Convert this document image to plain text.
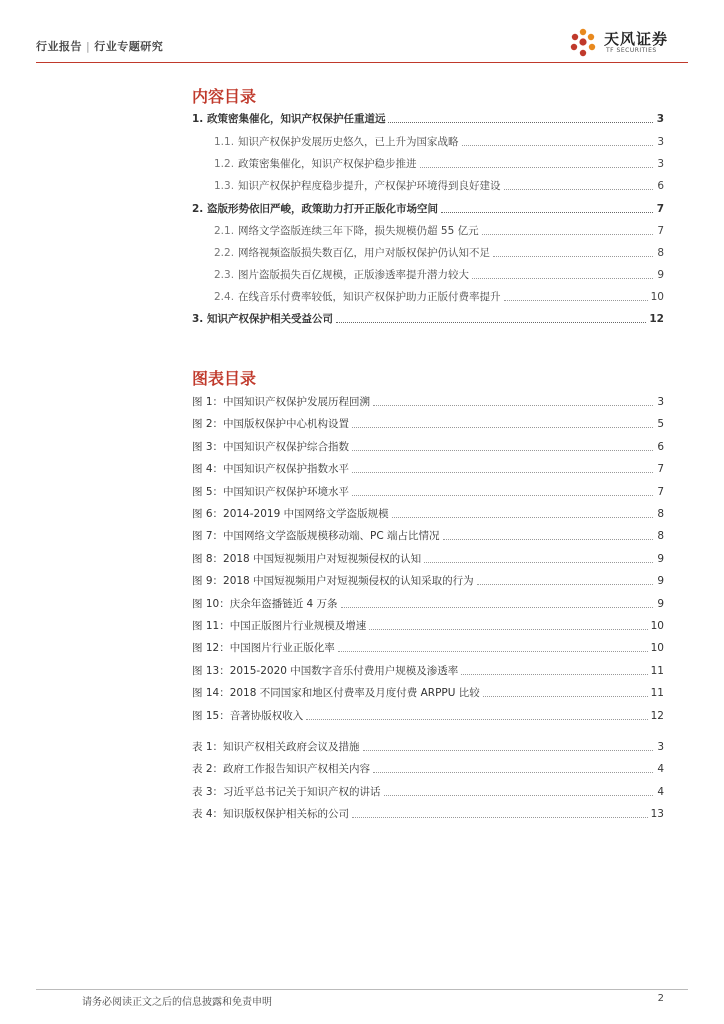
行业报告 | 行业专题研究	天风证券
TF SECURITIES
内容目录
1. 政策密集催化，知识产权保护任重道远	3
1.1. 知识产权保护发展历史悠久，已上升为国家战略	3
1.2. 政策密集催化，知识产权保护稳步推进	3
1.3. 知识产权保护程度稳步提升，产权保护环境得到良好建设	6
2. 盗版形势依旧严峻，政策助力打开正版化市场空间	7
2.1. 网络文学盗版连续三年下降，损失规模仍超 55 亿元	7
2.2. 网络视频盗版损失数百亿，用户对版权保护仍认知不足	8
2.3. 图片盗版损失百亿规模，正版渗透率提升潜力较大	9
2.4. 在线音乐付费率较低，知识产权保护助力正版付费率提升	10
3. 知识产权保护相关受益公司	12
图表目录
图 1：中国知识产权保护发展历程回溯	3
图 2：中国版权保护中心机构设置	5
图 3：中国知识产权保护综合指数	6
图 4：中国知识产权保护指数水平	7
图 5：中国知识产权保护环境水平	7
图 6：2014-2019 中国网络文学盗版规模	8
图 7：中国网络文学盗版规模移动端、PC 端占比情况	8
图 8：2018 中国短视频用户对短视频侵权的认知	9
图 9：2018 中国短视频用户对短视频侵权的认知采取的行为	9
图 10：庆余年盗播链近 4 万条	9
图 11：中国正版图片行业规模及增速	10
图 12：中国图片行业正版化率	10
图 13：2015-2020 中国数字音乐付费用户规模及渗透率	11
图 14：2018 不同国家和地区付费率及月度付费 ARPPU 比较	11
图 15：音著协版权收入	12
表 1：知识产权相关政府会议及措施	3
表 2：政府工作报告知识产权相关内容	4
表 3：习近平总书记关于知识产权的讲话	4
表 4：知识版权保护相关标的公司	13
请务必阅读正文之后的信息披露和免责申明	2
